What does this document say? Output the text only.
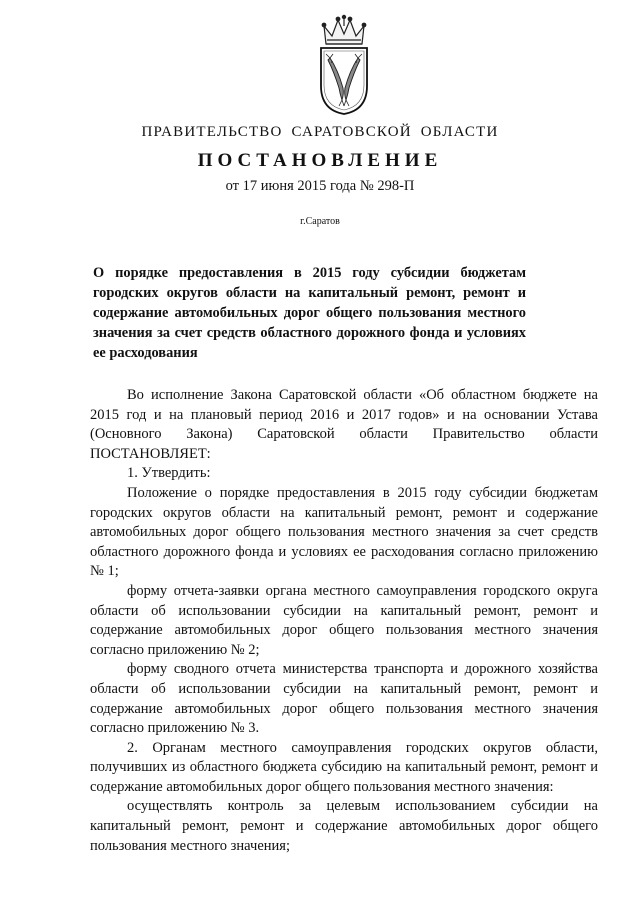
ПРАВИТЕЛЬСТВО САРАТОВСКОЙ ОБЛАСТИ
ПОСТАНОВЛЕНИЕ
от 17 июня 2015 года № 298-П
г.Саратов

О порядке предоставления в 2015 году субсидии бюджетам городских округов области на капитальный ремонт, ремонт и содержание автомобильных дорог общего пользования местного значения за счет средств областного дорожного фонда и условиях ее расходования

Во исполнение Закона Саратовской области «Об областном бюджете на 2015 год и на плановый период 2016 и 2017 годов» и на основании Устава (Основного Закона) Саратовской области Правительство области ПОСТАНОВЛЯЕТ:

1. Утвердить:

Положение о порядке предоставления в 2015 году субсидии бюджетам городских округов области на капитальный ремонт, ремонт и содержание автомобильных дорог общего пользования местного значения за счет средств областного дорожного фонда и условиях ее расходования согласно приложению № 1;

форму отчета-заявки органа местного самоуправления городского округа области об использовании субсидии на капитальный ремонт, ремонт и содержание автомобильных дорог общего пользования местного значения согласно приложению № 2;

форму сводного отчета министерства транспорта и дорожного хозяйства области об использовании субсидии на капитальный ремонт, ремонт и содержание автомобильных дорог общего пользования местного значения согласно приложению № 3.

2. Органам местного самоуправления городских округов области, получивших из областного бюджета субсидию на капитальный ремонт, ремонт и содержание автомобильных дорог общего пользования местного значения:

осуществлять контроль за целевым использованием субсидии на капитальный ремонт, ремонт и содержание автомобильных дорог общего пользования местного значения;
